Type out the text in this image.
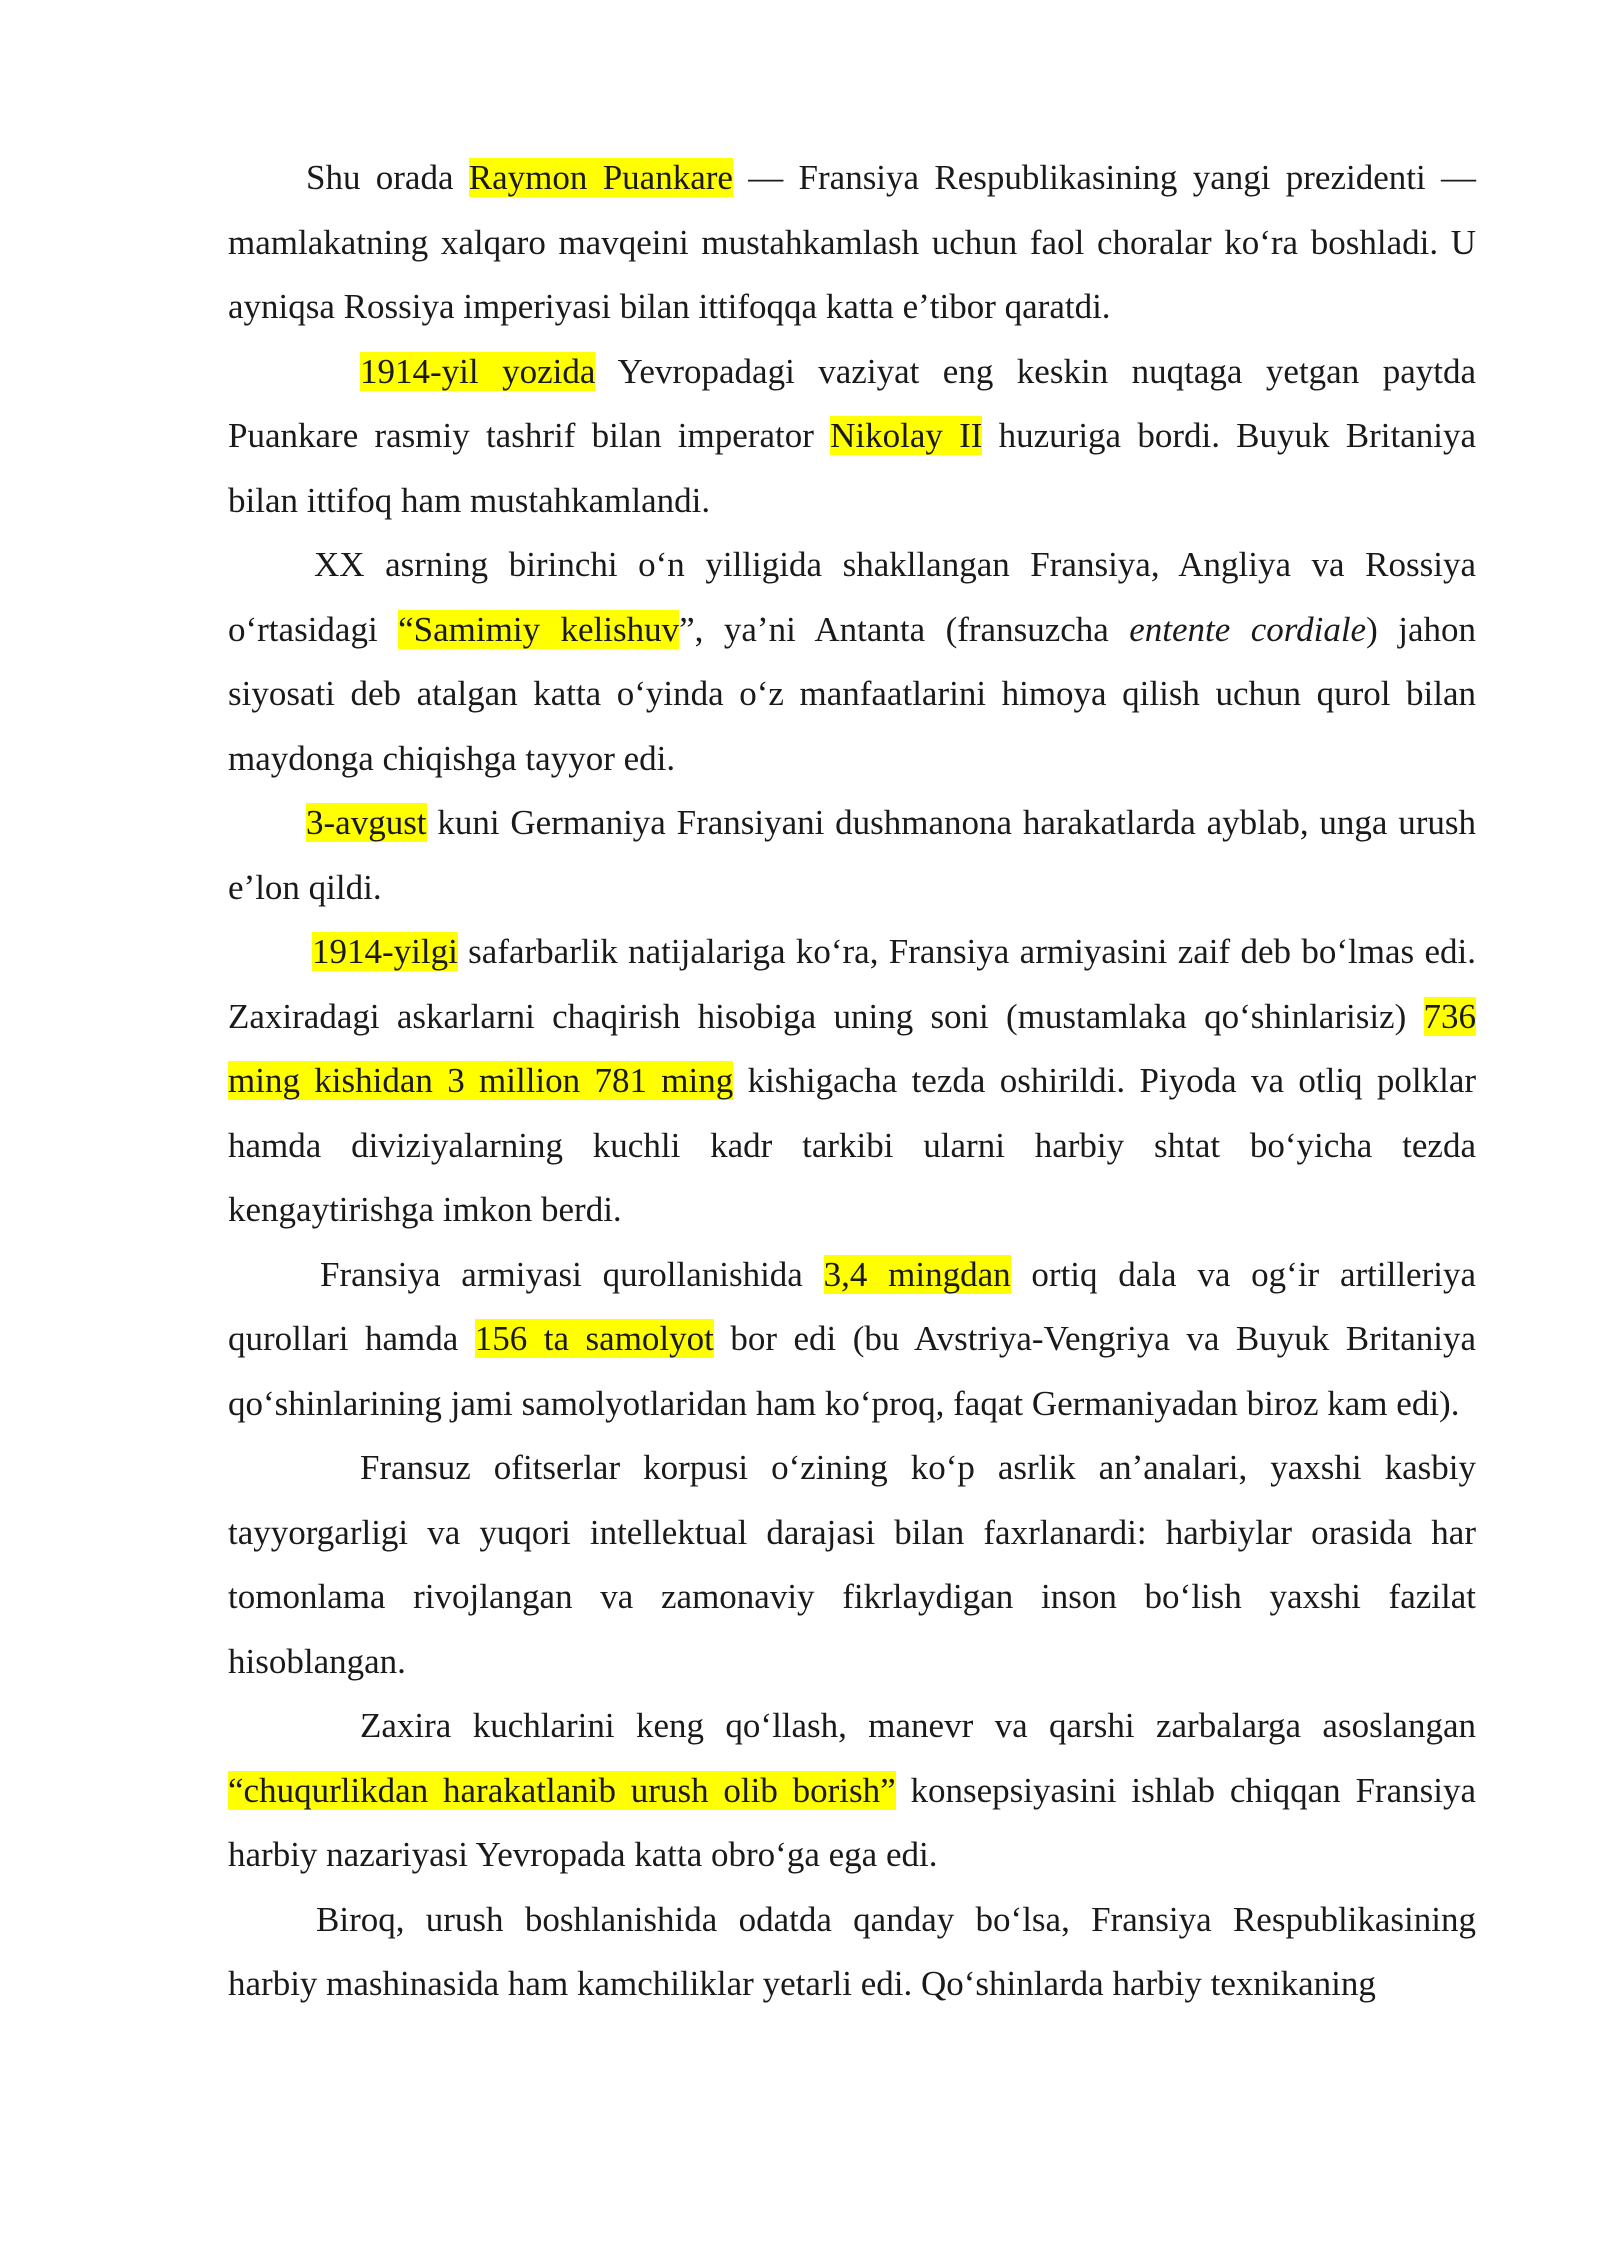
Shu orada Raymon Puankare — Fransiya Respublikasining yangi prezidenti — mamlakatning xalqaro mavqeini mustahkamlash uchun faol choralar koʻra boshladi. U ayniqsa Rossiya imperiyasi bilan ittifoqqa katta eʼtibor qaratdi.

1914-yil yozida Yevropadagi vaziyat eng keskin nuqtaga yetgan paytda Puankare rasmiy tashrif bilan imperator Nikolay II huzuriga bordi. Buyuk Britaniya bilan ittifoq ham mustahkamlandi.

XX asrning birinchi oʻn yilligida shakllangan Fransiya, Angliya va Rossiya oʻrtasidagi “Samimiy kelishuv”, yaʼni Antanta (fransuzcha entente cordiale) jahon siyosati deb atalgan katta oʻyinda oʻz manfaatlarini himoya qilish uchun qurol bilan maydonga chiqishga tayyor edi.

3-avgust kuni Germaniya Fransiyani dushmanona harakatlarda ayblab, unga urush eʼlon qildi.

1914-yilgi safarbarlik natijalariga koʻra, Fransiya armiyasini zaif deb boʻlmas edi. Zaxiradagi askarlarni chaqirish hisobiga uning soni (mustamlaka qoʻshinlarisiz) 736 ming kishidan 3 million 781 ming kishigacha tezda oshirildi. Piyoda va otliq polklar hamda diviziyalarning kuchli kadr tarkibi ularni harbiy shtat boʻyicha tezda kengaytirishga imkon berdi.

Fransiya armiyasi qurollanishida 3,4 mingdan ortiq dala va ogʻir artilleriya qurollari hamda 156 ta samolyot bor edi (bu Avstriya-Vengriya va Buyuk Britaniya qoʻshinlarining jami samolyotlaridan ham koʻproq, faqat Germaniyadan biroz kam edi).

Fransuz ofitserlar korpusi oʻzining koʻp asrlik anʼanalari, yaxshi kasbiy tayyorgarligi va yuqori intellektual darajasi bilan faxrlanardi: harbiylar orasida har tomonlama rivojlangan va zamonaviy fikrlaydigan inson boʻlish yaxshi fazilat hisoblangan.

Zaxira kuchlarini keng qoʻllash, manevr va qarshi zarbalarga asoslangan “chuqurlikdan harakatlanib urush olib borish” konsepsiyasini ishlab chiqqan Fransiya harbiy nazariyasi Yevropada katta obroʻga ega edi.

Biroq, urush boshlanishida odatda qanday boʻlsa, Fransiya Respublikasining harbiy mashinasida ham kamchiliklar yetarli edi. Qoʻshinlarda harbiy texnikaning
